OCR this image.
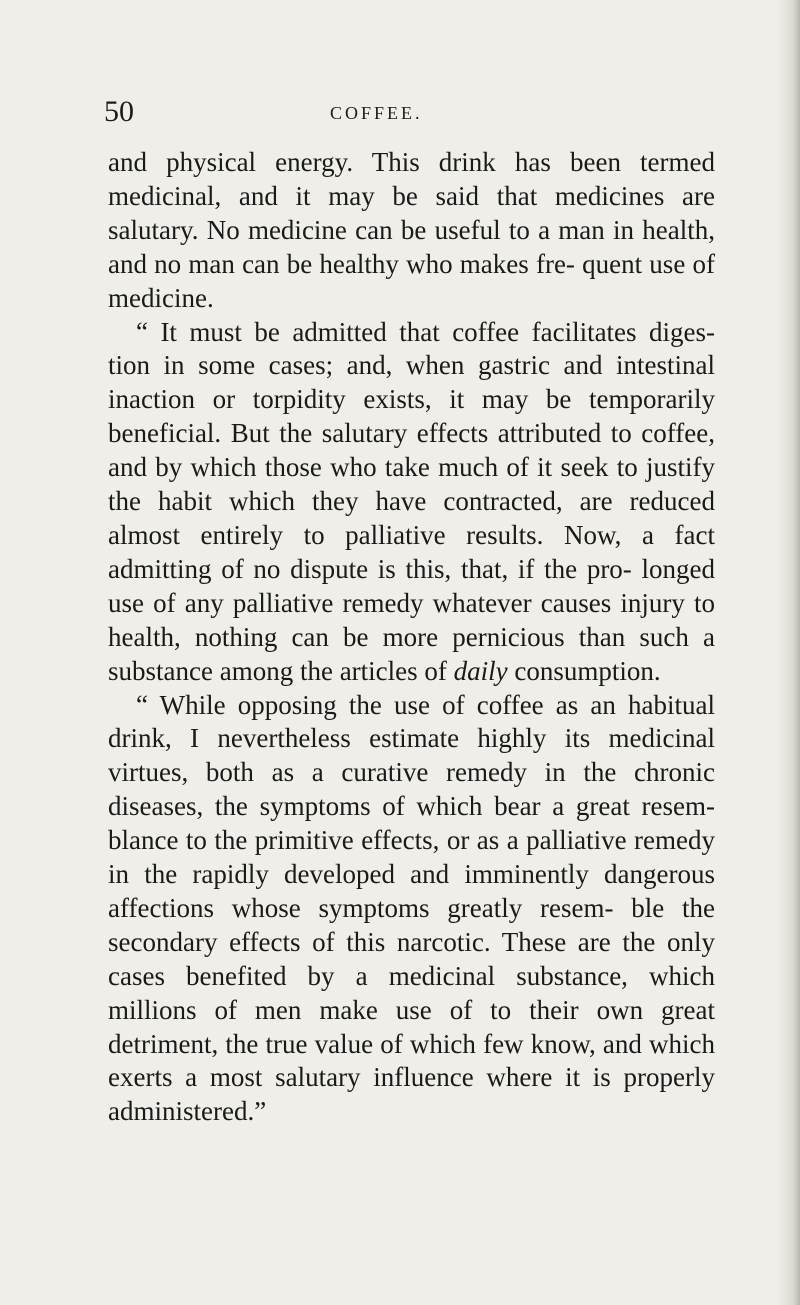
50	COFFEE.

and physical energy. This drink has been termed medicinal, and it may be said that medicines are salutary. No medicine can be useful to a man in health, and no man can be healthy who makes fre- quent use of medicine.

“ It must be admitted that coffee facilitates diges- tion in some cases; and, when gastric and intestinal inaction or torpidity exists, it may be temporarily beneficial. But the salutary effects attributed to coffee, and by which those who take much of it seek to justify the habit which they have contracted, are reduced almost entirely to palliative results. Now, a fact admitting of no dispute is this, that, if the pro- longed use of any palliative remedy whatever causes injury to health, nothing can be more pernicious than such a substance among the articles of daily consumption.

“ While opposing the use of coffee as an habitual drink, I nevertheless estimate highly its medicinal virtues, both as a curative remedy in the chronic diseases, the symptoms of which bear a great resem- blance to the primitive effects, or as a palliative remedy in the rapidly developed and imminently dangerous affections whose symptoms greatly resem- ble the secondary effects of this narcotic. These are the only cases benefited by a medicinal substance, which millions of men make use of to their own great detriment, the true value of which few know, and which exerts a most salutary influence where it is properly administered.”
